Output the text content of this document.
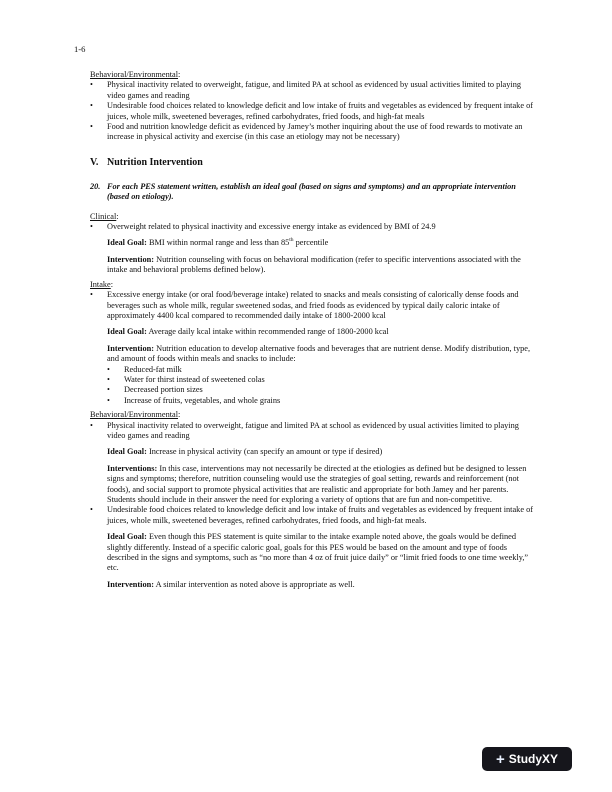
1-6
Behavioral/Environmental:
• Physical inactivity related to overweight, fatigue, and limited PA at school as evidenced by usual activities limited to playing video games and reading
• Undesirable food choices related to knowledge deficit and low intake of fruits and vegetables as evidenced by frequent intake of juices, whole milk, sweetened beverages, refined carbohydrates, fried foods, and high-fat meals
• Food and nutrition knowledge deficit as evidenced by Jamey’s mother inquiring about the use of food rewards to motivate an increase in physical activity and exercise (in this case an etiology may not be necessary)
V. Nutrition Intervention
20. For each PES statement written, establish an ideal goal (based on signs and symptoms) and an appropriate intervention (based on etiology).
Clinical:
• Overweight related to physical inactivity and excessive energy intake as evidenced by BMI of 24.9
Ideal Goal: BMI within normal range and less than 85th percentile
Intervention: Nutrition counseling with focus on behavioral modification (refer to specific interventions associated with the intake and behavioral problems defined below).
Intake:
• Excessive energy intake (or oral food/beverage intake) related to snacks and meals consisting of calorically dense foods and beverages such as whole milk, regular sweetened sodas, and fried foods as evidenced by typical daily caloric intake of approximately 4400 kcal compared to recommended daily intake of 1800-2000 kcal
Ideal Goal: Average daily kcal intake within recommended range of 1800-2000 kcal
Intervention: Nutrition education to develop alternative foods and beverages that are nutrient dense. Modify distribution, type, and amount of foods within meals and snacks to include:
• Reduced-fat milk
• Water for thirst instead of sweetened colas
• Decreased portion sizes
• Increase of fruits, vegetables, and whole grains
Behavioral/Environmental:
• Physical inactivity related to overweight, fatigue and limited PA at school as evidenced by usual activities limited to playing video games and reading
Ideal Goal: Increase in physical activity (can specify an amount or type if desired)
Interventions: In this case, interventions may not necessarily be directed at the etiologies as defined but be designed to lessen signs and symptoms; therefore, nutrition counseling would use the strategies of goal setting, rewards and reinforcement (not foods), and social support to promote physical activities that are realistic and appropriate for both Jamey and her parents. Students should include in their answer the need for exploring a variety of options that are fun and non-competitive.
• Undesirable food choices related to knowledge deficit and low intake of fruits and vegetables as evidenced by frequent intake of juices, whole milk, sweetened beverages, refined carbohydrates, fried foods, and high-fat meals.
Ideal Goal: Even though this PES statement is quite similar to the intake example noted above, the goals would be defined slightly differently. Instead of a specific caloric goal, goals for this PES would be based on the amount and type of foods described in the signs and symptoms, such as “no more than 4 oz of fruit juice daily” or “limit fried foods to one time weekly,” etc.
Intervention: A similar intervention as noted above is appropriate as well.
+ StudyXY
